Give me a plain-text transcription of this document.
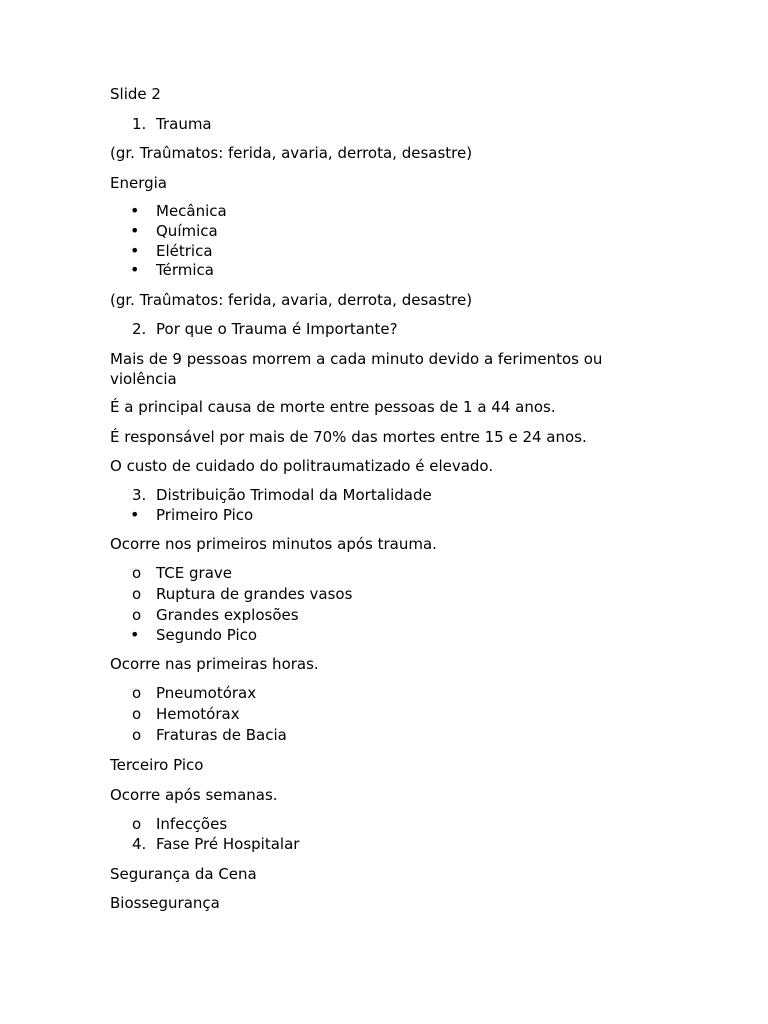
Slide 2
1. Trauma
(gr. Traûmatos: ferida, avaria, derrota, desastre)
Energia
• Mecânica
• Química
• Elétrica
• Térmica
(gr. Traûmatos: ferida, avaria, derrota, desastre)
2. Por que o Trauma é Importante?
Mais de 9 pessoas morrem a cada minuto devido a ferimentos ou violência
É a principal causa de morte entre pessoas de 1 a 44 anos.
É responsável por mais de 70% das mortes entre 15 e 24 anos.
O custo de cuidado do politraumatizado é elevado.
3. Distribuição Trimodal da Mortalidade
• Primeiro Pico
Ocorre nos primeiros minutos após trauma.
o TCE grave
o Ruptura de grandes vasos
o Grandes explosões
• Segundo Pico
Ocorre nas primeiras horas.
o Pneumotórax
o Hemotórax
o Fraturas de Bacia
Terceiro Pico
Ocorre após semanas.
o Infecções
4. Fase Pré Hospitalar
Segurança da Cena
Biossegurança
